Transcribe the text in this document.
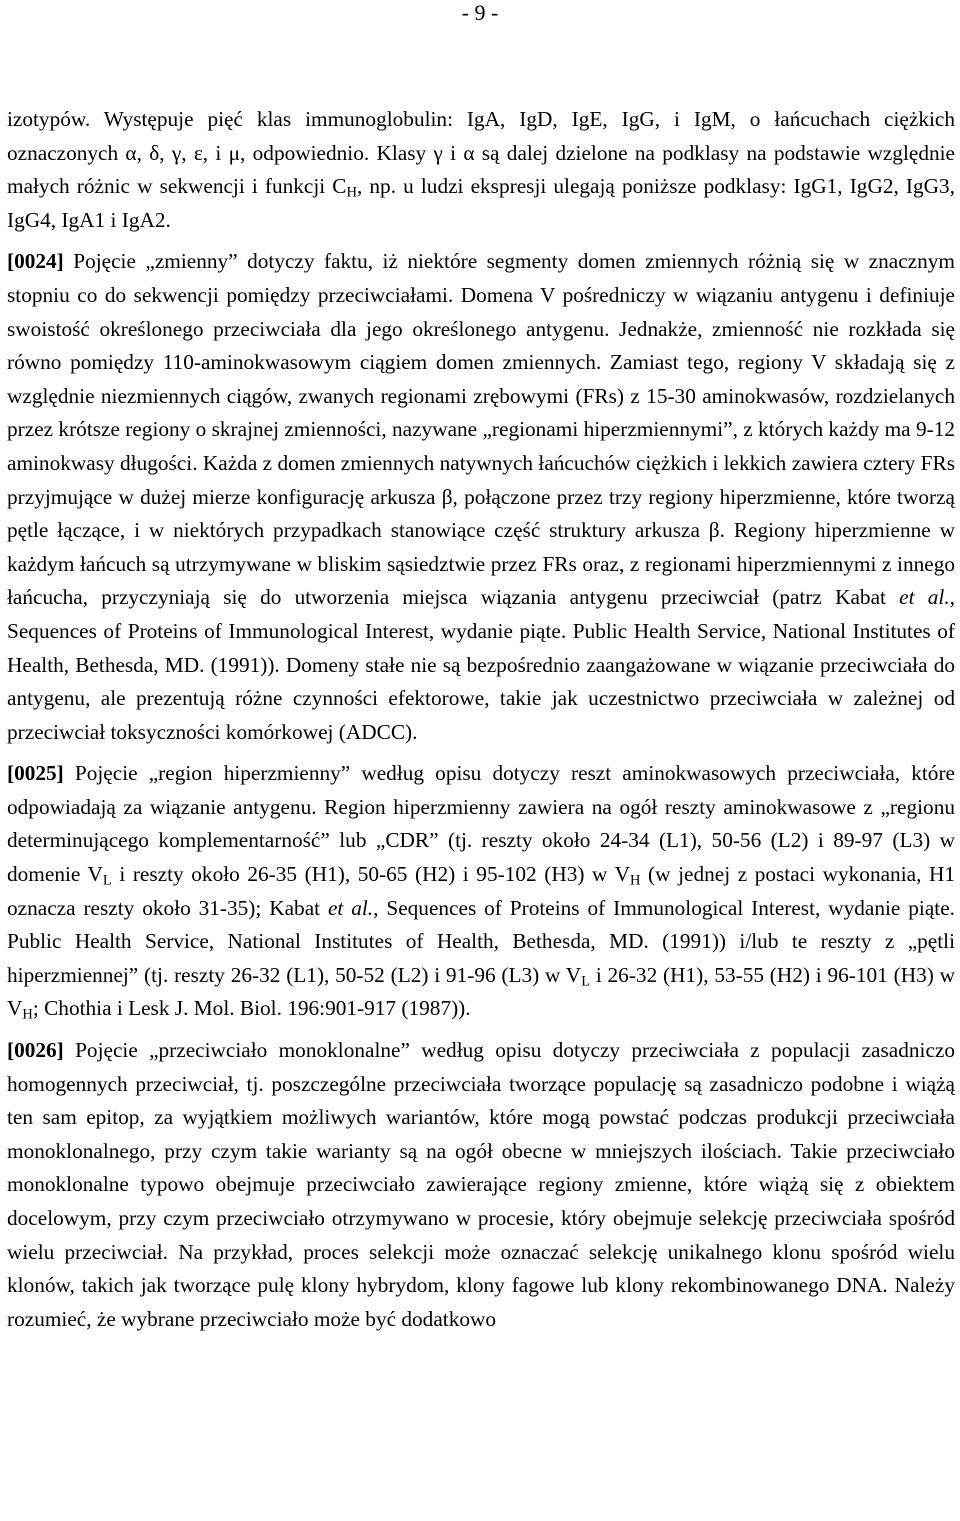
- 9 -

izotypów. Występuje pięć klas immunoglobulin: IgA, IgD, IgE, IgG, i IgM, o łańcuchach ciężkich oznaczonych α, δ, γ, ε, i μ, odpowiednio. Klasy γ i α są dalej dzielone na podklasy na podstawie względnie małych różnic w sekwencji i funkcji $C_H$, np. u ludzi ekspresji ulegają poniższe podklasy: IgG1, IgG2, IgG3, IgG4, IgA1 i IgA2.

[0024] Pojęcie „zmienny” dotyczy faktu, iż niektóre segmenty domen zmiennych różnią się w znacznym stopniu co do sekwencji pomiędzy przeciwciałami. Domena V pośredniczy w wiązaniu antygenu i definiuje swoistość określonego przeciwciała dla jego określonego antygenu. Jednakże, zmienność nie rozkłada się równo pomiędzy 110-aminokwasowym ciągiem domen zmiennych. Zamiast tego, regiony V składają się z względnie niezmiennych ciągów, zwanych regionami zrębowymi (FRs) z 15-30 aminokwasów, rozdzielanych przez krótsze regiony o skrajnej zmienności, nazywane „regionami hiperzmiennymi”, z których każdy ma 9-12 aminokwasy długości. Każda z domen zmiennych natywnych łańcuchów ciężkich i lekkich zawiera cztery FRs przyjmujące w dużej mierze konfigurację arkusza β, połączone przez trzy regiony hiperzmienne, które tworzą pętle łączące, i w niektórych przypadkach stanowiące część struktury arkusza β. Regiony hiperzmienne w każdym łańcuch są utrzymywane w bliskim sąsiedztwie przez FRs oraz, z regionami hiperzmiennymi z innego łańcucha, przyczyniają się do utworzenia miejsca wiązania antygenu przeciwciał (patrz Kabat et al., Sequences of Proteins of Immunological Interest, wydanie piąte. Public Health Service, National Institutes of Health, Bethesda, MD. (1991)). Domeny stałe nie są bezpośrednio zaangażowane w wiązanie przeciwciała do antygenu, ale prezentują różne czynności efektorowe, takie jak uczestnictwo przeciwciała w zależnej od przeciwciał toksyczności komórkowej (ADCC).

[0025] Pojęcie „region hiperzmienny” według opisu dotyczy reszt aminokwasowych przeciwciała, które odpowiadają za wiązanie antygenu. Region hiperzmienny zawiera na ogół reszty aminokwasowe z „regionu determinującego komplementarność” lub „CDR” (tj. reszty około 24-34 (L1), 50-56 (L2) i 89-97 (L3) w domenie $V_L$ i reszty około 26-35 (H1), 50-65 (H2) i 95-102 (H3) w $V_H$ (w jednej z postaci wykonania, H1 oznacza reszty około 31-35); Kabat et al., Sequences of Proteins of Immunological Interest, wydanie piąte. Public Health Service, National Institutes of Health, Bethesda, MD. (1991)) i/lub te reszty z „pętli hiperzmiennej” (tj. reszty 26-32 (L1), 50-52 (L2) i 91-96 (L3) w $V_L$ i 26-32 (H1), 53-55 (H2) i 96-101 (H3) w $V_H$; Chothia i Lesk J. Mol. Biol. 196:901-917 (1987)).

[0026] Pojęcie „przeciwciało monoklonalne” według opisu dotyczy przeciwciała z populacji zasadniczo homogennych przeciwciał, tj. poszczególne przeciwciała tworzące populację są zasadniczo podobne i wiążą ten sam epitop, za wyjątkiem możliwych wariantów, które mogą powstać podczas produkcji przeciwciała monoklonalnego, przy czym takie warianty są na ogół obecne w mniejszych ilościach. Takie przeciwciało monoklonalne typowo obejmuje przeciwciało zawierające regiony zmienne, które wiążą się z obiektem docelowym, przy czym przeciwciało otrzymywano w procesie, który obejmuje selekcję przeciwciała spośród wielu przeciwciał. Na przykład, proces selekcji może oznaczać selekcję unikalnego klonu spośród wielu klonów, takich jak tworzące pulę klony hybrydom, klony fagowe lub klony rekombinowanego DNA. Należy rozumieć, że wybrane przeciwciało może być dodatkowo
